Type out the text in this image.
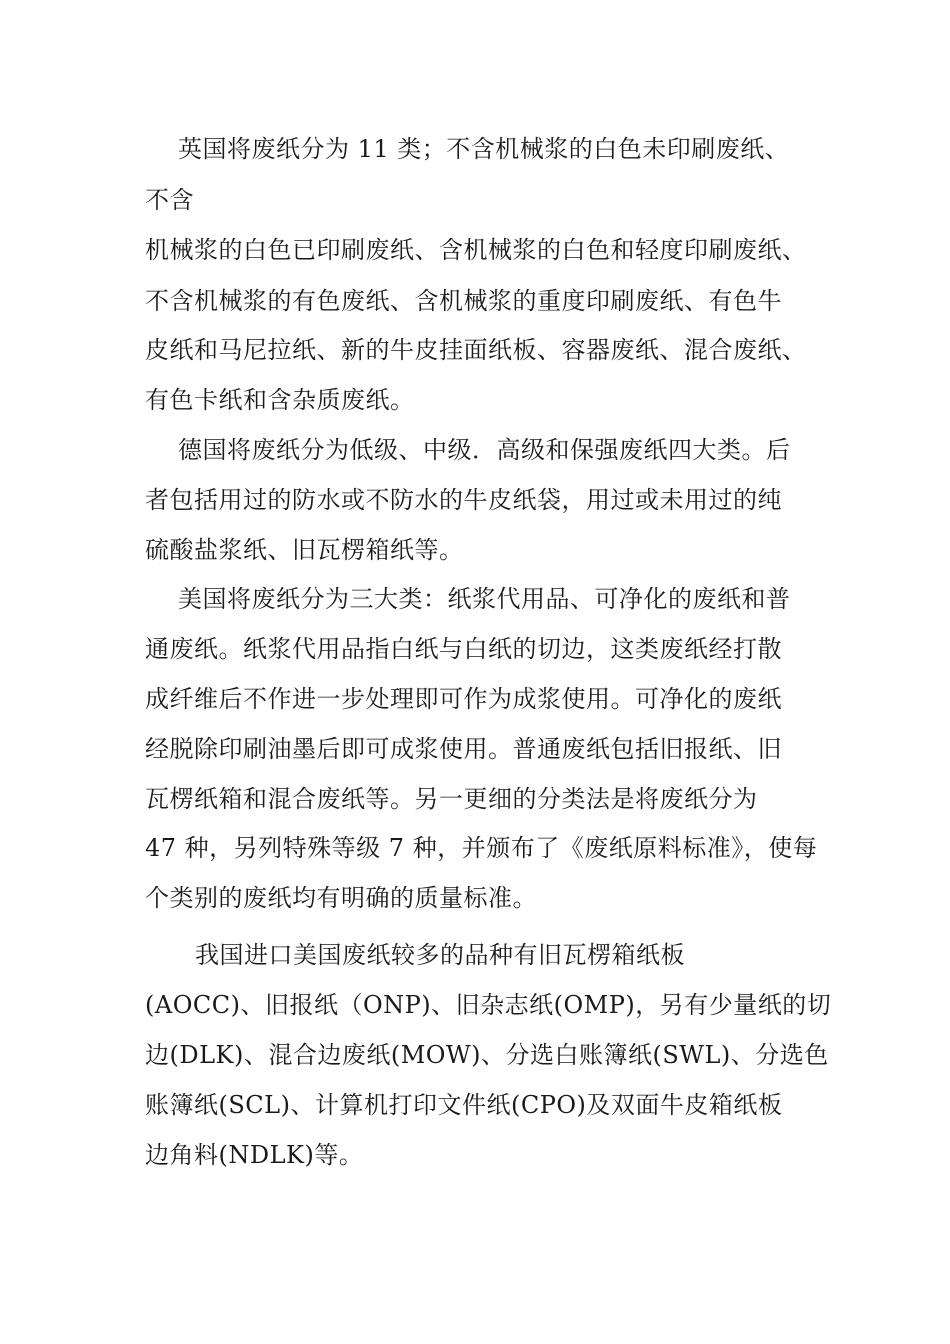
英国将废纸分为 11 类；不含机械浆的白色未印刷废纸、
不含
机械浆的白色已印刷废纸、含机械浆的白色和轻度印刷废纸、
不含机械浆的有色废纸、含机械浆的重度印刷废纸、有色牛
皮纸和马尼拉纸、新的牛皮挂面纸板、容器废纸、混合废纸、
有色卡纸和含杂质废纸。
德国将废纸分为低级、中级．高级和保强废纸四大类。后
者包括用过的防水或不防水的牛皮纸袋，用过或未用过的纯
硫酸盐浆纸、旧瓦楞箱纸等。
美国将废纸分为三大类：纸浆代用品、可净化的废纸和普
通废纸。纸浆代用品指白纸与白纸的切边，这类废纸经打散
成纤维后不作进一步处理即可作为成浆使用。可净化的废纸
经脱除印刷油墨后即可成浆使用。普通废纸包括旧报纸、旧
瓦楞纸箱和混合废纸等。另一更细的分类法是将废纸分为
47 种，另列特殊等级 7 种，并颁布了《废纸原料标准》，使每
个类别的废纸均有明确的质量标准。
我国进口美国废纸较多的品种有旧瓦楞箱纸板
(AOCC)、旧报纸（ONP)、旧杂志纸(OMP)，另有少量纸的切
边(DLK)、混合边废纸(MOW)、分选白账簿纸(SWL)、分选色
账簿纸(SCL)、计算机打印文件纸(CPO)及双面牛皮箱纸板
边角料(NDLK)等。
